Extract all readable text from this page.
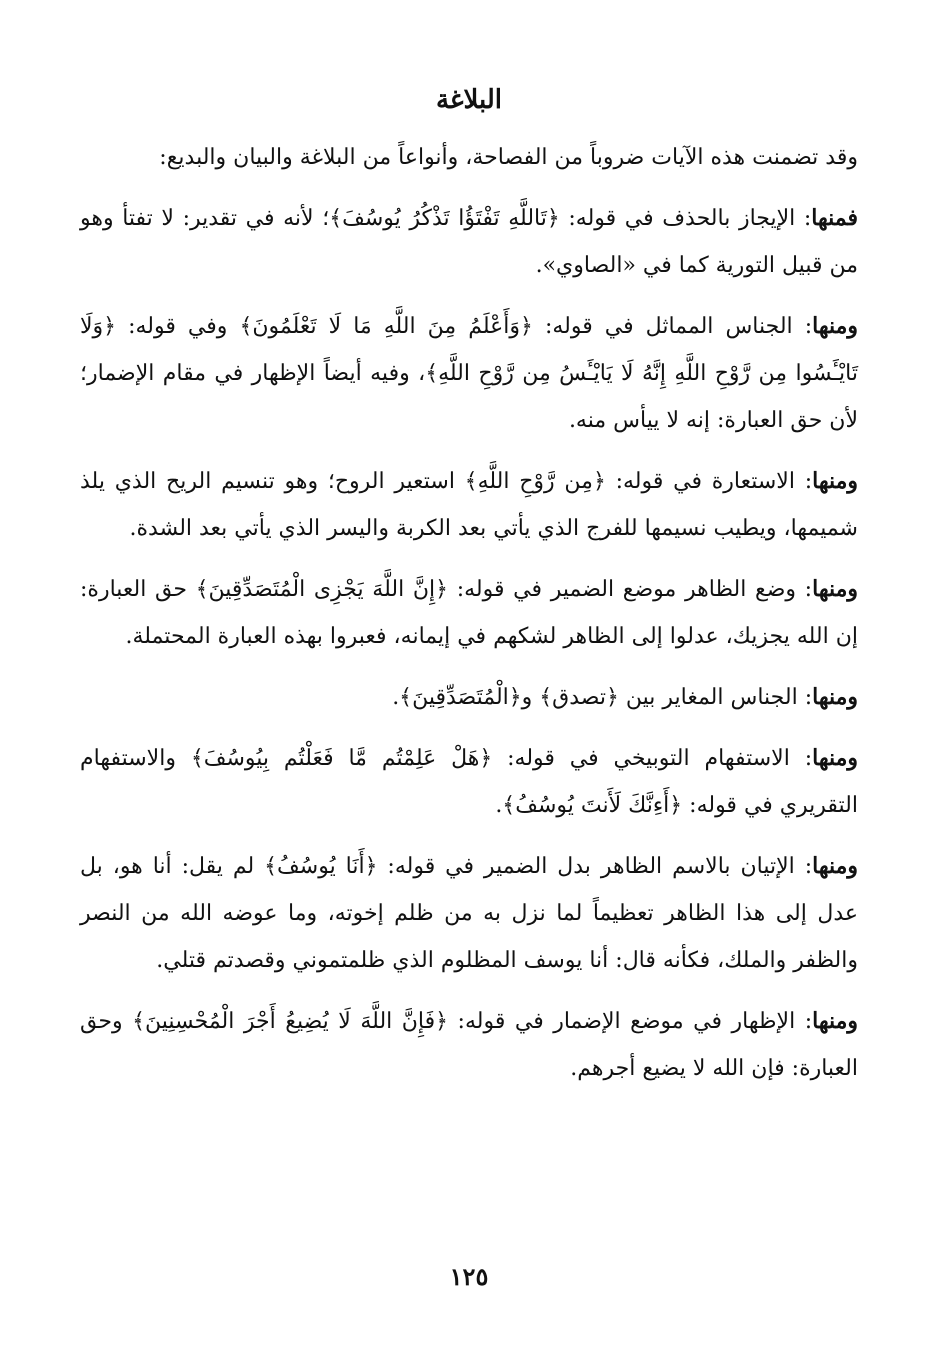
البلاغة

وقد تضمنت هذه الآيات ضروباً من الفصاحة، وأنواعاً من البلاغة والبيان والبديع:

فمنها: الإيجاز بالحذف في قوله: ﴿تَاللَّهِ تَفْتَؤُا تَذْكُرُ يُوسُفَ﴾؛ لأنه في تقدير: لا تفتأ وهو من قبيل التورية كما في «الصاوي».

ومنها: الجناس المماثل في قوله: ﴿وَأَعْلَمُ مِنَ اللَّهِ مَا لَا تَعْلَمُونَ﴾ وفي قوله: ﴿وَلَا تَايْـَٔسُوا مِن رَّوْحِ اللَّهِ إِنَّهُ لَا يَايْـَٔسُ مِن رَّوْحِ اللَّهِ﴾، وفيه أيضاً الإظهار في مقام الإضمار؛ لأن حق العبارة: إنه لا ييأس منه.

ومنها: الاستعارة في قوله: ﴿مِن رَّوْحِ اللَّهِ﴾ استعير الروح؛ وهو تنسيم الريح الذي يلذ شميمها، ويطيب نسيمها للفرج الذي يأتي بعد الكربة واليسر الذي يأتي بعد الشدة.

ومنها: وضع الظاهر موضع الضمير في قوله: ﴿إِنَّ اللَّهَ يَجْزِى الْمُتَصَدِّقِينَ﴾ حق العبارة: إن الله يجزيك، عدلوا إلى الظاهر لشكهم في إيمانه، فعبروا بهذه العبارة المحتملة.

ومنها: الجناس المغاير بين ﴿تصدق﴾ و﴿الْمُتَصَدِّقِينَ﴾.

ومنها: الاستفهام التوبيخي في قوله: ﴿هَلْ عَلِمْتُم مَّا فَعَلْتُم بِيُوسُفَ﴾ والاستفهام التقريري في قوله: ﴿أَءِنَّكَ لَأَنتَ يُوسُفُ﴾.

ومنها: الإتيان بالاسم الظاهر بدل الضمير في قوله: ﴿أَنَا يُوسُفُ﴾ لم يقل: أنا هو، بل عدل إلى هذا الظاهر تعظيماً لما نزل به من ظلم إخوته، وما عوضه الله من النصر والظفر والملك، فكأنه قال: أنا يوسف المظلوم الذي ظلمتموني وقصدتم قتلي.

ومنها: الإظهار في موضع الإضمار في قوله: ﴿فَإِنَّ اللَّهَ لَا يُضِيعُ أَجْرَ الْمُحْسِنِينَ﴾ وحق العبارة: فإن الله لا يضيع أجرهم.

١٢٥
